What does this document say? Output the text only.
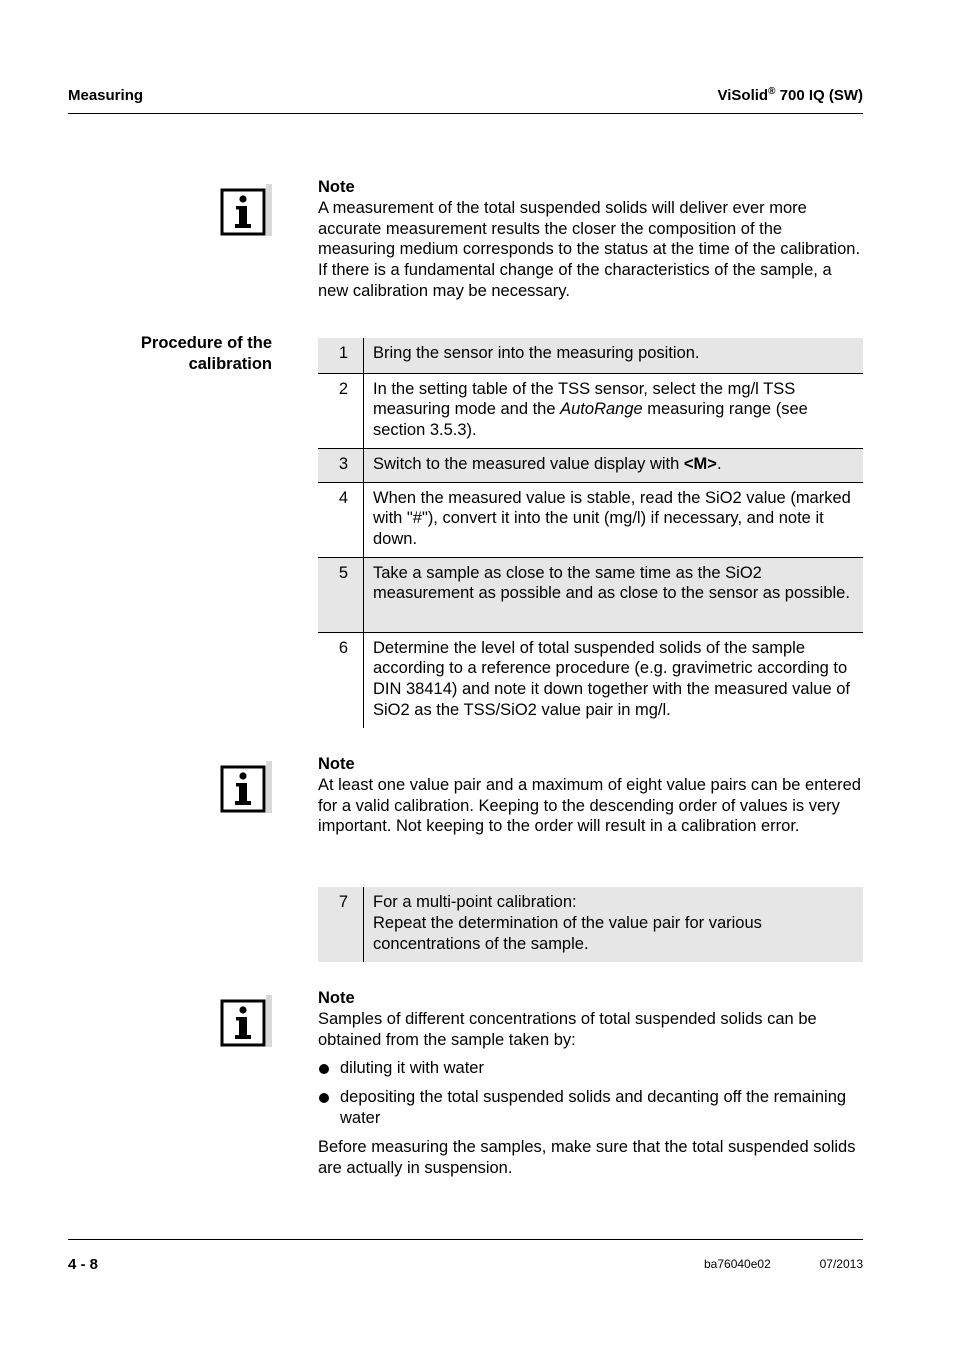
Measuring	ViSolid® 700 IQ (SW)
Note

A measurement of the total suspended solids will deliver ever more accurate measurement results the closer the composition of the measuring medium corresponds to the status at the time of the calibration. If there is a fundamental change of the characteristics of the sample, a new calibration may be necessary.

Procedure of the
calibration
1	Bring the sensor into the measuring position.
2	In the setting table of the TSS sensor, select the mg/l TSS measuring mode and the AutoRange measuring range (see section 3.5.3).
3	Switch to the measured value display with <M>.
4	When the measured value is stable, read the SiO2 value (marked with "#"), convert it into the unit (mg/l) if necessary, and note it down.
5	Take a sample as close to the same time as the SiO2 measurement as possible and as close to the sensor as possible.
6	Determine the level of total suspended solids of the sample according to a reference procedure (e.g. gravimetric according to DIN 38414) and note it down together with the measured value of SiO2 as the TSS/SiO2 value pair in mg/l.
Note

At least one value pair and a maximum of eight value pairs can be entered for a valid calibration. Keeping to the descending order of values is very important. Not keeping to the order will result in a calibration error.

7	For a multi-point calibration:
Repeat the determination of the value pair for various concentrations of the sample.
Note

Samples of different concentrations of total suspended solids can be obtained from the sample taken by:

diluting it with water
depositing the total suspended solids and decanting off the remaining water

Before measuring the samples, make sure that the total suspended solids are actually in suspension.

4 - 8	ba76040e02	07/2013
